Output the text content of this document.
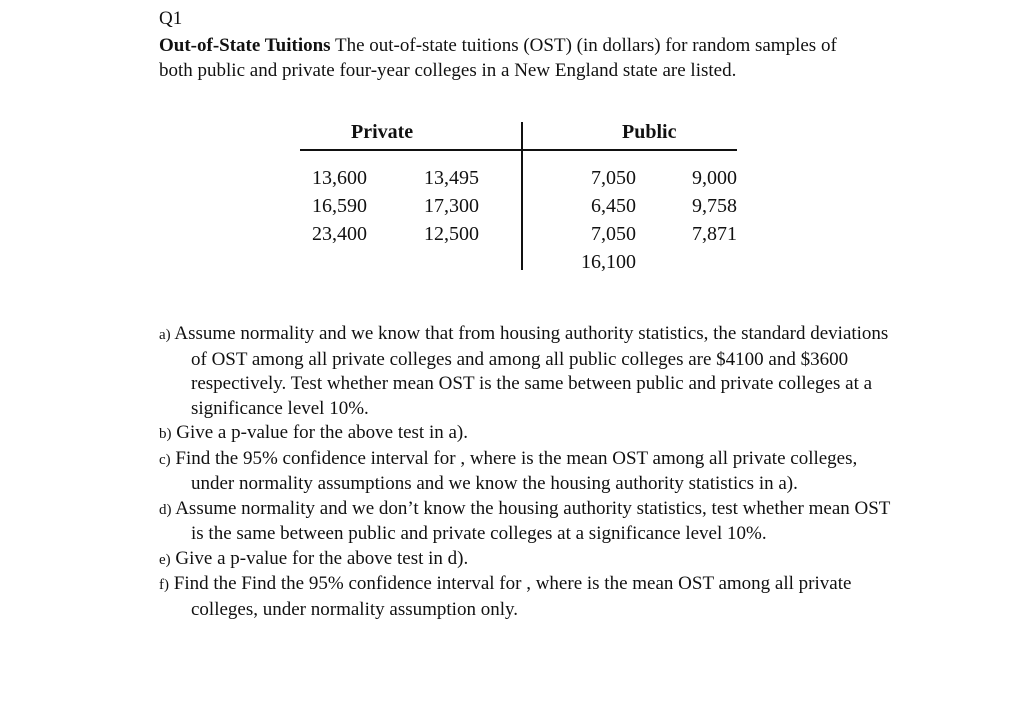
Q1
Out-of-State Tuitions The out-of-state tuitions (OST) (in dollars) for random samples of both public and private four-year colleges in a New England state are listed.
Private	Public
13,600
16,590
23,400
13,495
17,300
12,500
7,050
6,450
7,050
16,100
9,000
9,758
7,871
a) Assume normality and we know that from housing authority statistics, the standard deviations of OST among all private colleges and among all public colleges are $4100 and $3600 respectively. Test whether mean OST is the same between public and private colleges at a significance level 10%.
b) Give a p-value for the above test in a).
c) Find the 95% confidence interval for , where is the mean OST among all private colleges, under normality assumptions and we know the housing authority statistics in a).
d) Assume normality and we don’t know the housing authority statistics, test whether mean OST is the same between public and private colleges at a significance level 10%.
e) Give a p-value for the above test in d).
f) Find the Find the 95% confidence interval for , where is the mean OST among all private colleges, under normality assumption only.
